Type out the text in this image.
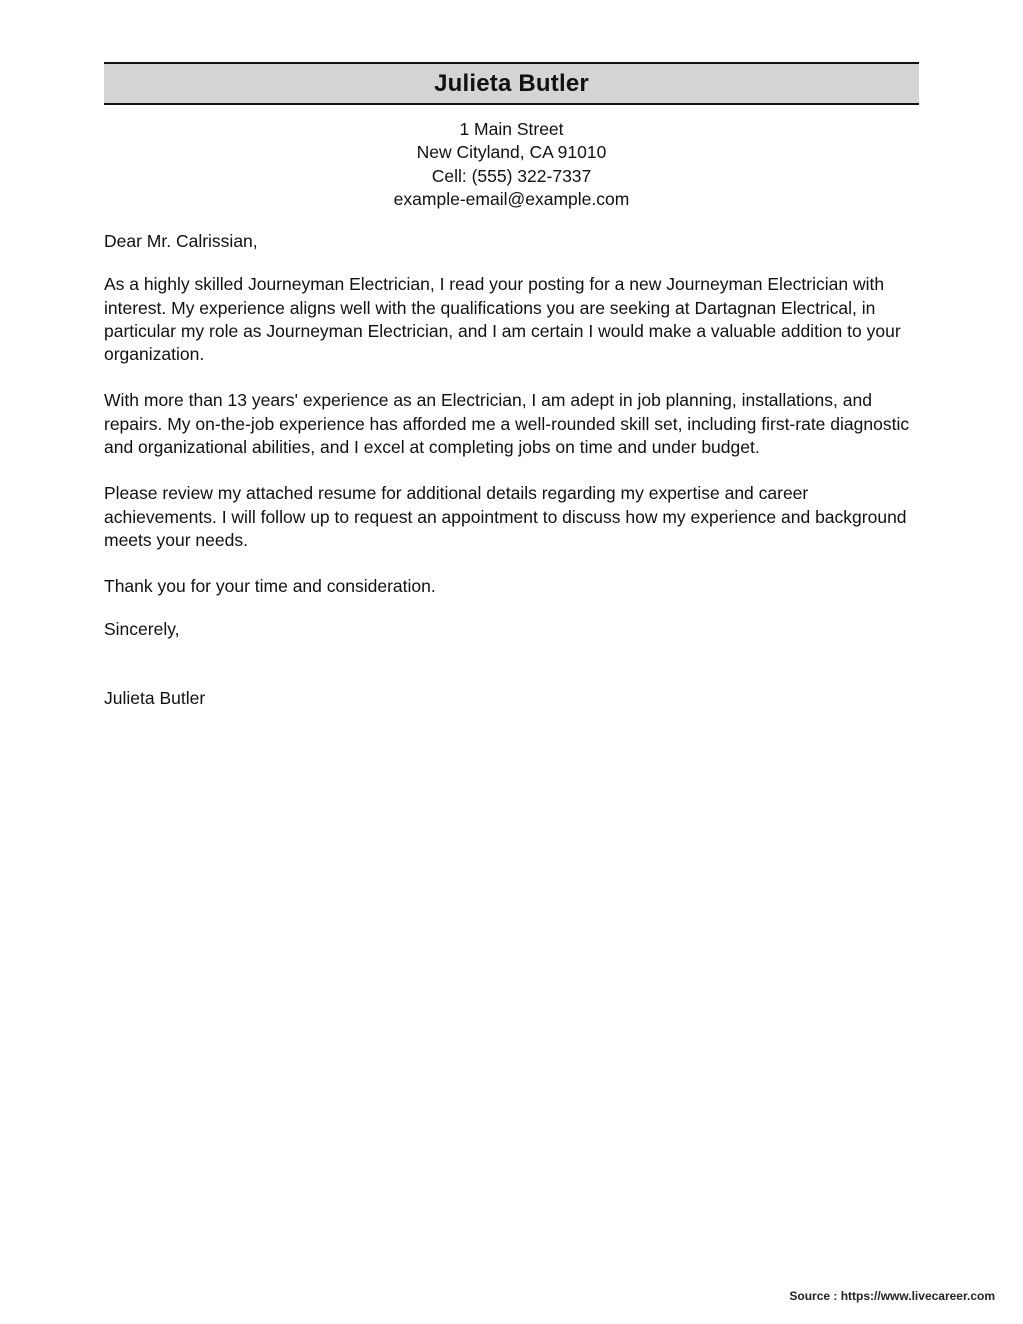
Julieta Butler
1 Main Street
New Cityland, CA 91010
Cell: (555) 322-7337
example-email@example.com

Dear Mr. Calrissian,

As a highly skilled Journeyman Electrician, I read your posting for a new Journeyman Electrician with interest. My experience aligns well with the qualifications you are seeking at Dartagnan Electrical, in particular my role as Journeyman Electrician, and I am certain I would make a valuable addition to your organization.

With more than 13 years' experience as an Electrician, I am adept in job planning, installations, and repairs. My on-the-job experience has afforded me a well-rounded skill set, including first-rate diagnostic and organizational abilities, and I excel at completing jobs on time and under budget.

Please review my attached resume for additional details regarding my expertise and career achievements. I will follow up to request an appointment to discuss how my experience and background meets your needs.

Thank you for your time and consideration.

Sincerely,

Julieta Butler

Source : https://www.livecareer.com
